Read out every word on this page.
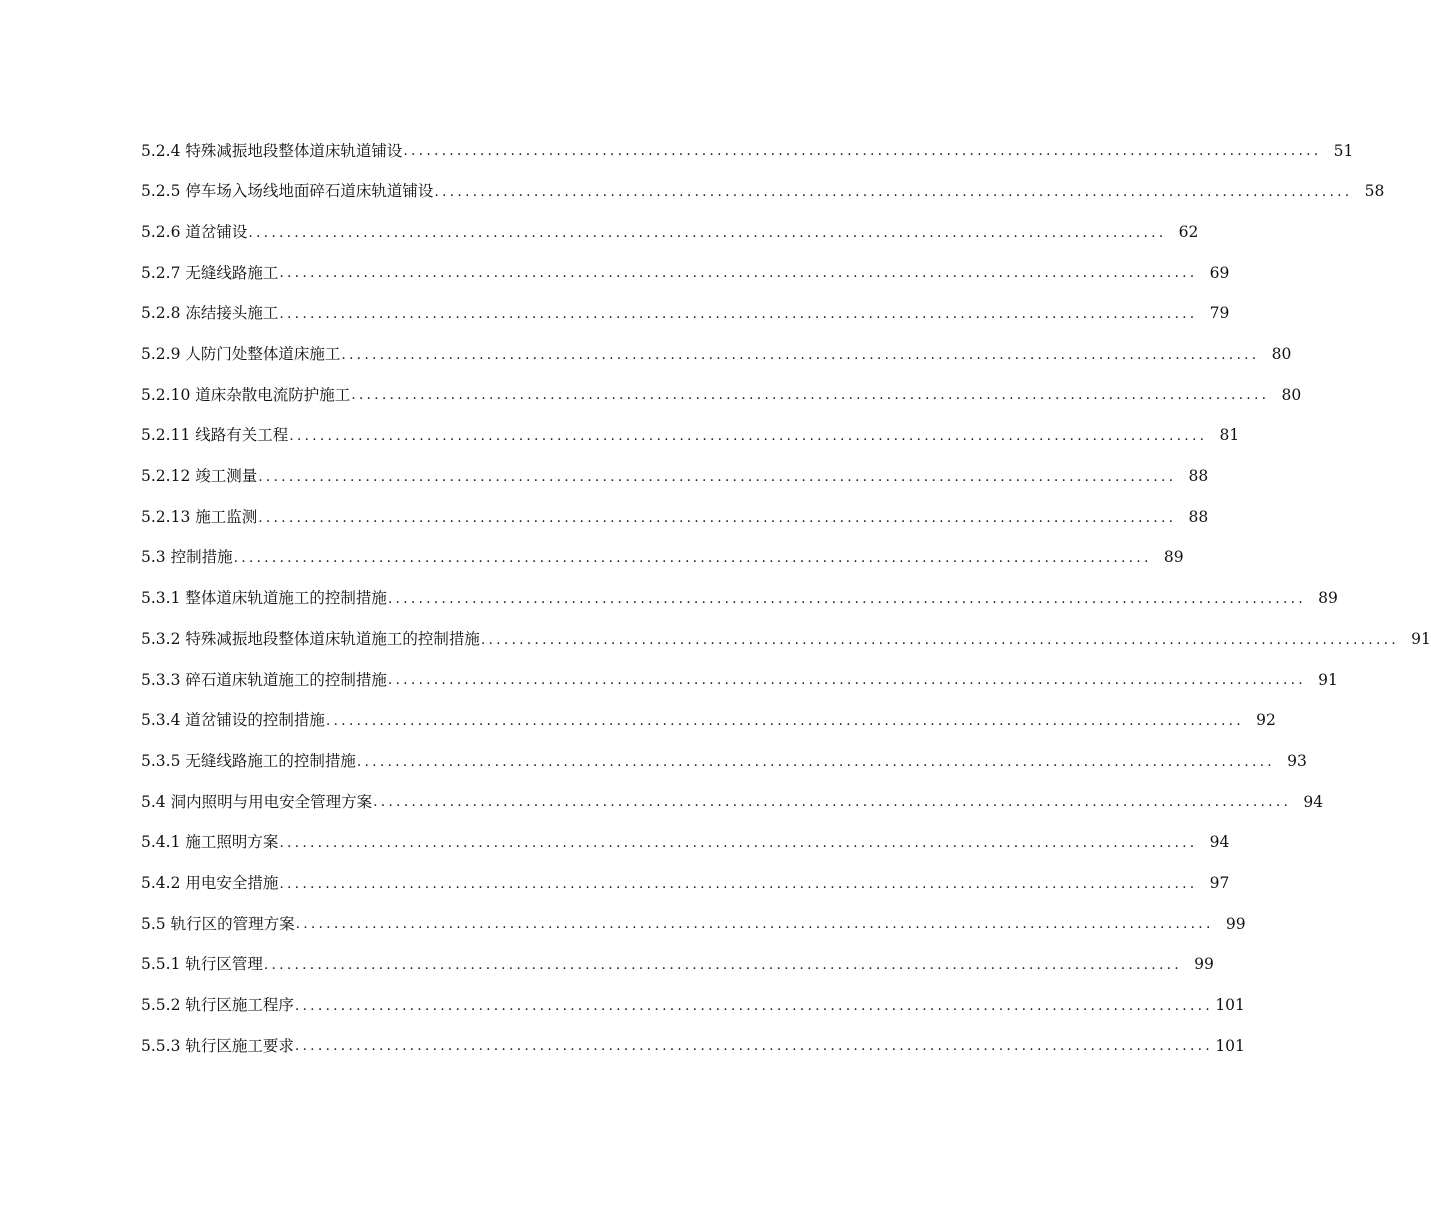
5.2.4 特殊减振地段整体道床轨道铺设 ........................................................................................................................ 51
5.2.5 停车场入场线地面碎石道床轨道铺设 ........................................................................................................................ 58
5.2.6 道岔铺设 ........................................................................................................................ 62
5.2.7 无缝线路施工 ........................................................................................................................ 69
5.2.8 冻结接头施工 ........................................................................................................................ 79
5.2.9 人防门处整体道床施工 ........................................................................................................................ 80
5.2.10 道床杂散电流防护施工 ........................................................................................................................ 80
5.2.11 线路有关工程 ........................................................................................................................ 81
5.2.12 竣工测量 ........................................................................................................................ 88
5.2.13 施工监测 ........................................................................................................................ 88
5.3 控制措施 ........................................................................................................................ 89
5.3.1 整体道床轨道施工的控制措施 ........................................................................................................................ 89
5.3.2 特殊减振地段整体道床轨道施工的控制措施 ........................................................................................................................ 91
5.3.3 碎石道床轨道施工的控制措施 ........................................................................................................................ 91
5.3.4 道岔铺设的控制措施 ........................................................................................................................ 92
5.3.5 无缝线路施工的控制措施 ........................................................................................................................ 93
5.4 洞内照明与用电安全管理方案 ........................................................................................................................ 94
5.4.1 施工照明方案 ........................................................................................................................ 94
5.4.2 用电安全措施 ........................................................................................................................ 97
5.5 轨行区的管理方案 ........................................................................................................................ 99
5.5.1 轨行区管理 ........................................................................................................................ 99
5.5.2 轨行区施工程序 ........................................................................................................................ 101
5.5.3 轨行区施工要求 ........................................................................................................................ 101
